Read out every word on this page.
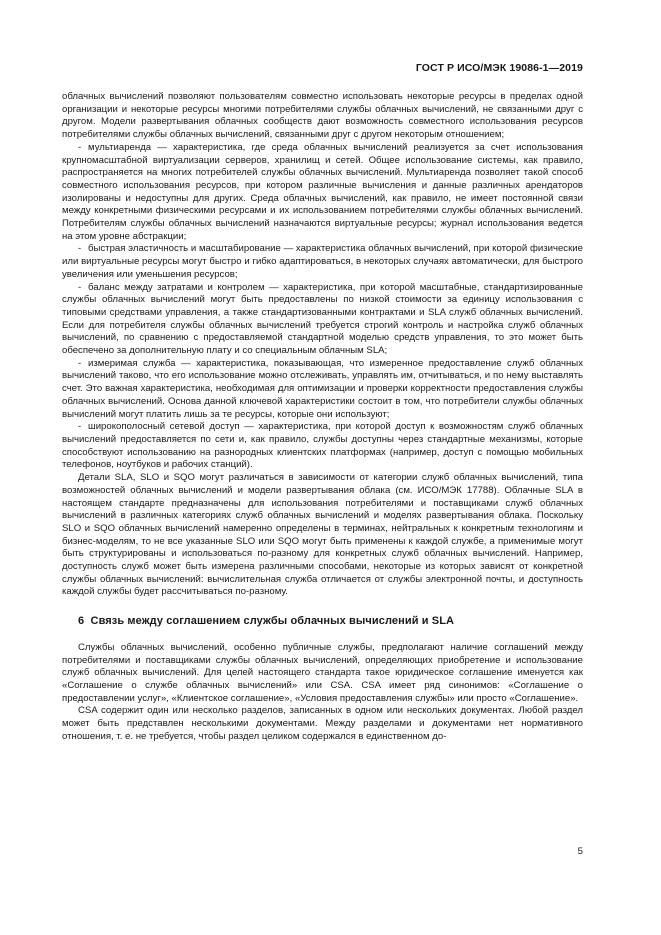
ГОСТ Р ИСО/МЭК 19086-1—2019

облачных вычислений позволяют пользователям совместно использовать некоторые ресурсы в пределах одной организации и некоторые ресурсы многими потребителями службы облачных вычислений, не связанными друг с другом. Модели развертывания облачных сообществ дают возможность совместного использования ресурсов потребителями службы облачных вычислений, связанными друг с другом некоторым отношением;

- мультиаренда — характеристика, где среда облачных вычислений реализуется за счет использования крупномасштабной виртуализации серверов, хранилищ и сетей. Общее использование системы, как правило, распространяется на многих потребителей службы облачных вычислений. Мультиаренда позволяет такой способ совместного использования ресурсов, при котором различные вычисления и данные различных арендаторов изолированы и недоступны для других. Среда облачных вычислений, как правило, не имеет постоянной связи между конкретными физическими ресурсами и их использованием потребителями службы облачных вычислений. Потребителям службы облачных вычислений назначаются виртуальные ресурсы; журнал использования ведется на этом уровне абстракции;

- быстрая эластичность и масштабирование — характеристика облачных вычислений, при которой физические или виртуальные ресурсы могут быстро и гибко адаптироваться, в некоторых случаях автоматически, для быстрого увеличения или уменьшения ресурсов;

- баланс между затратами и контролем — характеристика, при которой масштабные, стандартизированные службы облачных вычислений могут быть предоставлены по низкой стоимости за единицу использования с типовыми средствами управления, а также стандартизованными контрактами и SLA служб облачных вычислений. Если для потребителя службы облачных вычислений требуется строгий контроль и настройка служб облачных вычислений, по сравнению с предоставляемой стандартной моделью средств управления, то это может быть обеспечено за дополнительную плату и со специальным облачным SLA;

- измеримая служба — характеристика, показывающая, что измеренное предоставление служб облачных вычислений таково, что его использование можно отслеживать, управлять им, отчитываться, и по нему выставлять счет. Это важная характеристика, необходимая для оптимизации и проверки корректности предоставления службы облачных вычислений. Основа данной ключевой характеристики состоит в том, что потребители службы облачных вычислений могут платить лишь за те ресурсы, которые они используют;

- широкополосный сетевой доступ — характеристика, при которой доступ к возможностям служб облачных вычислений предоставляется по сети и, как правило, службы доступны через стандартные механизмы, которые способствуют использованию на разнородных клиентских платформах (например, доступ с помощью мобильных телефонов, ноутбуков и рабочих станций).

Детали SLA, SLO и SQO могут различаться в зависимости от категории служб облачных вычислений, типа возможностей облачных вычислений и модели развертывания облака (см. ИСО/МЭК 17788). Облачные SLA в настоящем стандарте предназначены для использования потребителями и поставщиками служб облачных вычислений в различных категориях служб облачных вычислений и моделях развертывания облака. Поскольку SLO и SQO облачных вычислений намеренно определены в терминах, нейтральных к конкретным технологиям и бизнес-моделям, то не все указанные SLO или SQO могут быть применены к каждой службе, а применимые могут быть структурированы и использоваться по-разному для конкретных служб облачных вычислений. Например, доступность служб может быть измерена различными способами, некоторые из которых зависят от конкретной службы облачных вычислений: вычислительная служба отличается от службы электронной почты, и доступность каждой службы будет рассчитываться по-разному.

6 Связь между соглашением службы облачных вычислений и SLA

Службы облачных вычислений, особенно публичные службы, предполагают наличие соглашений между потребителями и поставщиками службы облачных вычислений, определяющих приобретение и использование служб облачных вычислений. Для целей настоящего стандарта такое юридическое соглашение именуется как «Соглашение о службе облачных вычислений» или CSA. CSA имеет ряд синонимов: «Соглашение о предоставлении услуг», «Клиентское соглашение», «Условия предоставления службы» или просто «Соглашение».

CSA содержит один или несколько разделов, записанных в одном или нескольких документах. Любой раздел может быть представлен несколькими документами. Между разделами и документами нет нормативного отношения, т. е. не требуется, чтобы раздел целиком содержался в единственном до-

5
